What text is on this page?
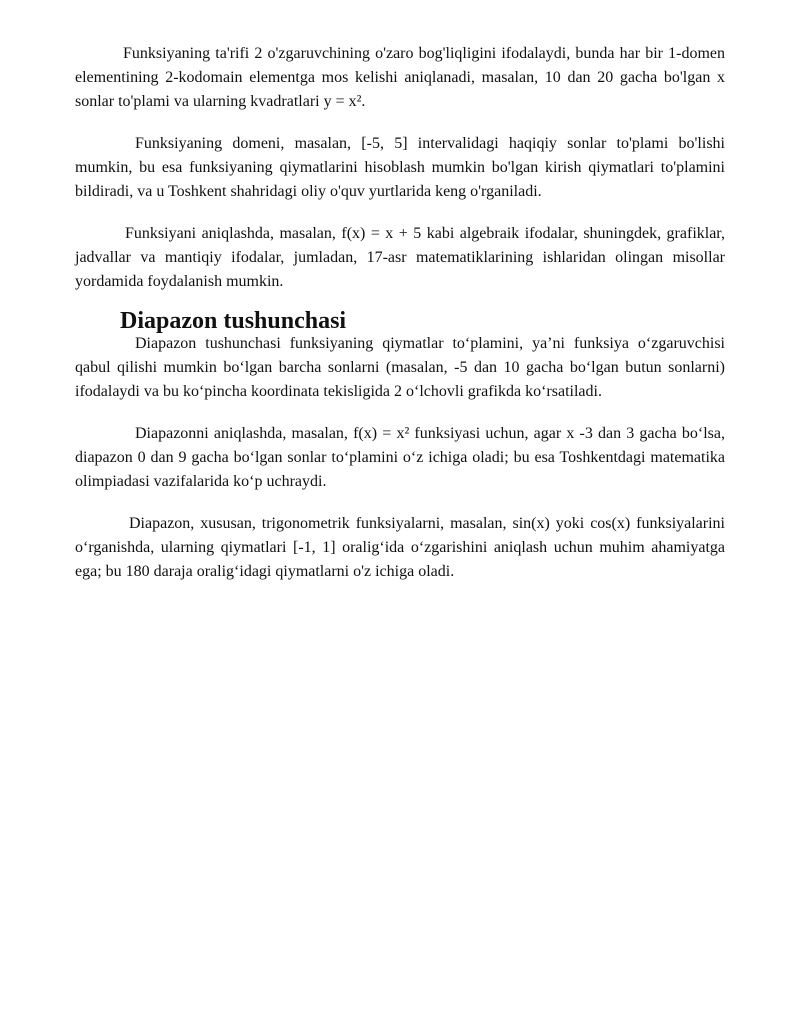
Funksiyaning ta'rifi 2 o'zgaruvchining o'zaro bog'liqligini ifodalaydi, bunda har bir 1-domen elementining 2-kodomain elementga mos kelishi aniqlanadi, masalan, 10 dan 20 gacha bo'lgan x sonlar to'plami va ularning kvadratlari y = x².

Funksiyaning domeni, masalan, [-5, 5] intervalidagi haqiqiy sonlar to'plami bo'lishi mumkin, bu esa funksiyaning qiymatlarini hisoblash mumkin bo'lgan kirish qiymatlari to'plamini bildiradi, va u Toshkent shahridagi oliy o'quv yurtlarida keng o'rganiladi.

Funksiyani aniqlashda, masalan, f(x) = x + 5 kabi algebraik ifodalar, shuningdek, grafiklar, jadvallar va mantiqiy ifodalar, jumladan, 17-asr matematiklarining ishlaridan olingan misollar yordamida foydalanish mumkin.

Diapazon tushunchasi

Diapazon tushunchasi funksiyaning qiymatlar to‘plamini, ya’ni funksiya o‘zgaruvchisi qabul qilishi mumkin bo‘lgan barcha sonlarni (masalan, -5 dan 10 gacha bo‘lgan butun sonlarni) ifodalaydi va bu ko‘pincha koordinata tekisligida 2 o‘lchovli grafikda ko‘rsatiladi.

Diapazonni aniqlashda, masalan, f(x) = x² funksiyasi uchun, agar x -3 dan 3 gacha bo‘lsa, diapazon 0 dan 9 gacha bo‘lgan sonlar to‘plamini o‘z ichiga oladi; bu esa Toshkentdagi matematika olimpiadasi vazifalarida ko‘p uchraydi.

Diapazon, xususan, trigonometrik funksiyalarni, masalan, sin(x) yoki cos(x) funksiyalarini o‘rganishda, ularning qiymatlari [-1, 1] oralig‘ida o‘zgarishini aniqlash uchun muhim ahamiyatga ega; bu 180 daraja oralig‘idagi qiymatlarni o'z ichiga oladi.
